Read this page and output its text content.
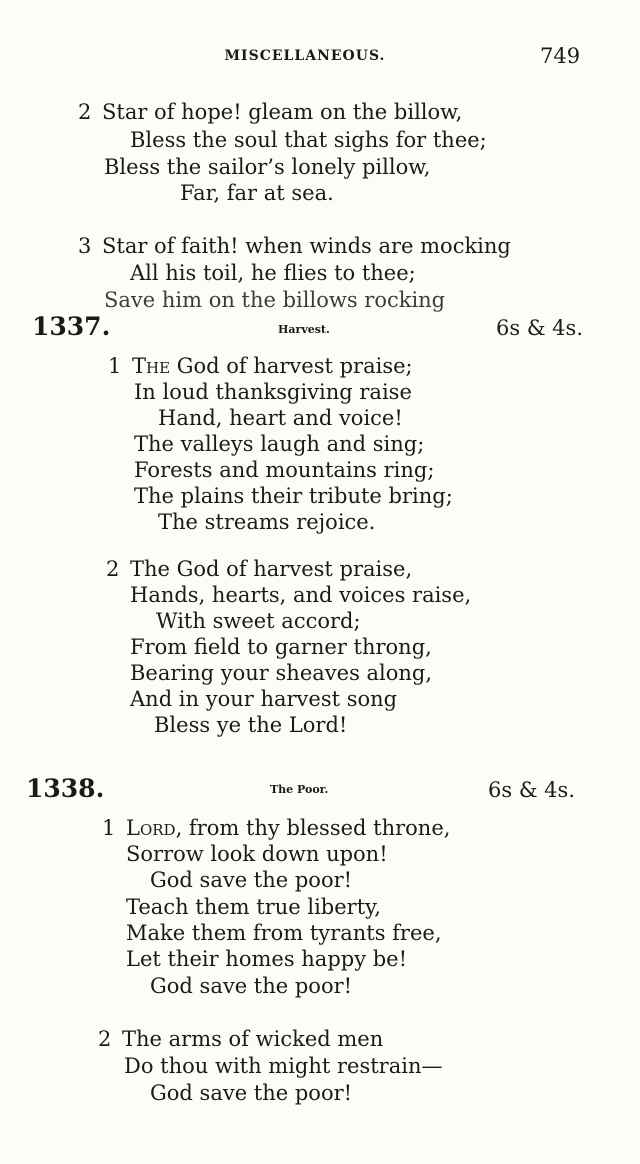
MISCELLANEOUS.	749
2 Star of hope! gleam on the billow,
Bless the soul that sighs for thee;
Bless the sailor’s lonely pillow,
Far, far at sea.
3 Star of faith! when winds are mocking
All his toil, he flies to thee;
Save him on the billows rocking
1337.	Harvest.	6s & 4s.
1 The God of harvest praise;
In loud thanksgiving raise
Hand, heart and voice!
The valleys laugh and sing;
Forests and mountains ring;
The plains their tribute bring;
The streams rejoice.
2 The God of harvest praise,
Hands, hearts, and voices raise,
With sweet accord;
From field to garner throng,
Bearing your sheaves along,
And in your harvest song
Bless ye the Lord!
1338.	The Poor.	6s & 4s.
1 Lord, from thy blessed throne,
Sorrow look down upon!
God save the poor!
Teach them true liberty,
Make them from tyrants free,
Let their homes happy be!
God save the poor!
2 The arms of wicked men
Do thou with might restrain—
God save the poor!
